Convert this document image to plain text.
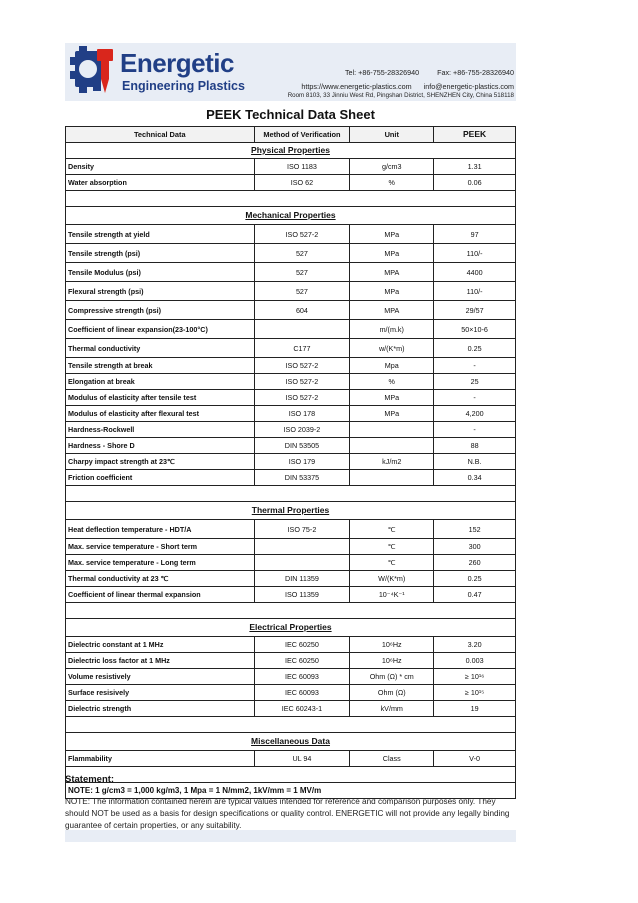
Energetic
Engineering Plastics
Tel: +86-755-28326940 Fax: +86-755-28326940
https://www.energetic-plastics.com info@energetic-plastics.com
Room 8103, 33 Jinniu West Rd, Pingshan District, SHENZHEN City, China 518118
PEEK Technical Data Sheet
Technical Data	Method of Verification	Unit	PEEK
Physical Properties			
Density	ISO 1183	g/cm3	1.31
Water absorption	ISO 62	%	0.06

Mechanical Properties			
Tensile strength at yield	ISO 527-2	MPa	97
Tensile strength (psi)	527	MPa	110/-
Tensile Modulus (psi)	527	MPA	4400
Flexural strength (psi)	527	MPa	110/-
Compressive strength (psi)	604	MPA	29/57
Coefficient of linear expansion(23-100°C)		m/(m.k)	50×10-6
Thermal conductivity	C177	w/(K*m)	0.25
Tensile strength at break	ISO 527-2	Mpa	-
Elongation at break	ISO 527-2	%	25
Modulus of elasticity after tensile test	ISO 527-2	MPa	-
Modulus of elasticity after flexural test	ISO 178	MPa	4,200
Hardness-Rockwell	ISO 2039-2		-
Hardness - Shore D	DIN 53505		88
Charpy impact strength at 23℃	ISO 179	kJ/m2	N.B.
Friction coefficient	DIN 53375		0.34

Thermal Properties			
Heat deflection temperature - HDT/A	ISO 75-2	℃	152
Max. service temperature - Short term		℃	300
Max. service temperature - Long term		℃	260
Thermal conductivity at 23 ℃	DIN 11359	W/(K*m)	0.25
Coefficient of linear thermal expansion	ISO 11359	10⁻⁴K⁻¹	0.47

Electrical Properties			
Dielectric constant at 1 MHz	IEC 60250	10⁶Hz	3.20
Dielectric loss factor at 1 MHz	IEC 60250	10⁶Hz	0.003
Volume resistively	IEC 60093	Ohm (Ω) * cm	≥ 10¹⁶
Surface resisively	IEC 60093	Ohm (Ω)	≥ 10¹⁵
Dielectric strength	IEC 60243-1	kV/mm	19

Miscellaneous Data			
Flammability	UL 94	Class	V-0

NOTE: 1 g/cm3 = 1,000 kg/m3, 1 Mpa = 1 N/mm2, 1kV/mm = 1 MV/m			
Statement:
NOTE: The information contained herein are typical values intended for reference and comparison purposes only. They should NOT be used as a basis for design specifications or quality control. ENERGETIC will not provide any legally binding guarantee of certain properties, or any suitability.
